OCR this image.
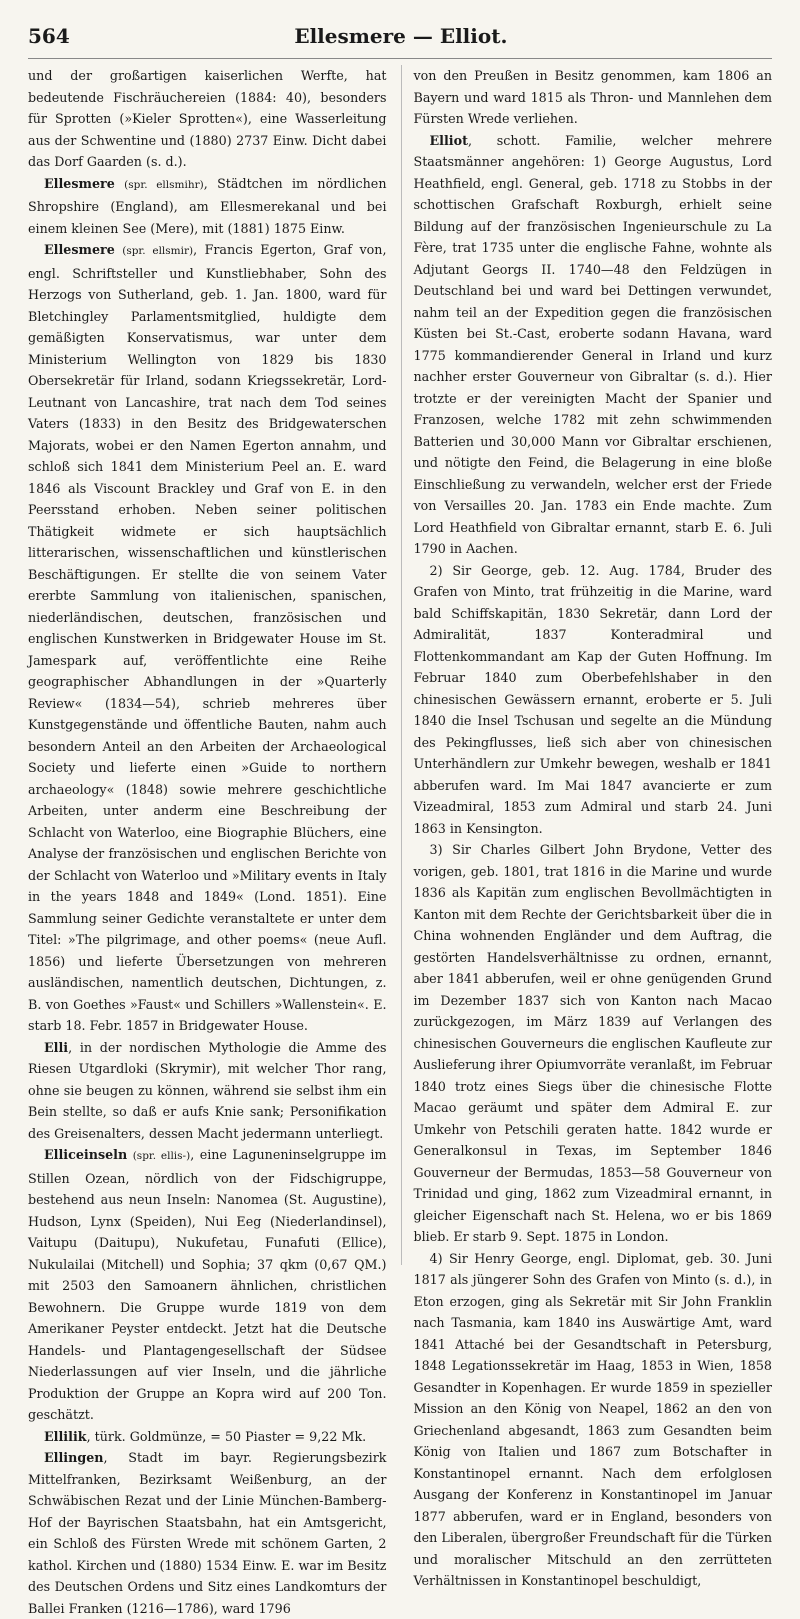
564	Ellesmere — Elliot.

und der großartigen kaiserlichen Werfte, hat bedeutende Fischräuchereien (1884: 40), besonders für Sprotten (»Kieler Sprotten«), eine Wasserleitung aus der Schwentine und (1880) 2737 Einw. Dicht dabei das Dorf Gaarden (s. d.).

Ellesmere (spr. ellsmihr), Städtchen im nördlichen Shropshire (England), am Ellesmerekanal und bei einem kleinen See (Mere), mit (1881) 1875 Einw.

Ellesmere (spr. ellsmir), Francis Egerton, Graf von, engl. Schriftsteller und Kunstliebhaber, Sohn des Herzogs von Sutherland, geb. 1. Jan. 1800, ward für Bletchingley Parlamentsmitglied, huldigte dem gemäßigten Konservatismus, war unter dem Ministerium Wellington von 1829 bis 1830 Obersekretär für Irland, sodann Kriegssekretär, Lord-Leutnant von Lancashire, trat nach dem Tod seines Vaters (1833) in den Besitz des Bridgewaterschen Majorats, wobei er den Namen Egerton annahm, und schloß sich 1841 dem Ministerium Peel an. E. ward 1846 als Viscount Brackley und Graf von E. in den Peersstand erhoben. Neben seiner politischen Thätigkeit widmete er sich hauptsächlich litterarischen, wissenschaftlichen und künstlerischen Beschäftigungen. Er stellte die von seinem Vater ererbte Sammlung von italienischen, spanischen, niederländischen, deutschen, französischen und englischen Kunstwerken in Bridgewater House im St. Jamespark auf, veröffentlichte eine Reihe geographischer Abhandlungen in der »Quarterly Review« (1834—54), schrieb mehreres über Kunstgegenstände und öffentliche Bauten, nahm auch besondern Anteil an den Arbeiten der Archaeological Society und lieferte einen »Guide to northern archaeology« (1848) sowie mehrere geschichtliche Arbeiten, unter anderm eine Beschreibung der Schlacht von Waterloo, eine Biographie Blüchers, eine Analyse der französischen und englischen Berichte von der Schlacht von Waterloo und »Military events in Italy in the years 1848 and 1849« (Lond. 1851). Eine Sammlung seiner Gedichte veranstaltete er unter dem Titel: »The pilgrimage, and other poems« (neue Aufl. 1856) und lieferte Übersetzungen von mehreren ausländischen, namentlich deutschen, Dichtungen, z. B. von Goethes »Faust« und Schillers »Wallenstein«. E. starb 18. Febr. 1857 in Bridgewater House.

Elli, in der nordischen Mythologie die Amme des Riesen Utgardloki (Skrymir), mit welcher Thor rang, ohne sie beugen zu können, während sie selbst ihm ein Bein stellte, so daß er aufs Knie sank; Personifikation des Greisenalters, dessen Macht jedermann unterliegt.

Elliceinseln (spr. ellis-), eine Laguneninselgruppe im Stillen Ozean, nördlich von der Fidschigruppe, bestehend aus neun Inseln: Nanomea (St. Augustine), Hudson, Lynx (Speiden), Nui Eeg (Niederlandinsel), Vaitupu (Daitupu), Nukufetau, Funafuti (Ellice), Nukulailai (Mitchell) und Sophia; 37 qkm (0,67 QM.) mit 2503 den Samoanern ähnlichen, christlichen Bewohnern. Die Gruppe wurde 1819 von dem Amerikaner Peyster entdeckt. Jetzt hat die Deutsche Handels- und Plantagengesellschaft der Südsee Niederlassungen auf vier Inseln, und die jährliche Produktion der Gruppe an Kopra wird auf 200 Ton. geschätzt.

Ellilik, türk. Goldmünze, = 50 Piaster = 9,22 Mk.

Ellingen, Stadt im bayr. Regierungsbezirk Mittelfranken, Bezirksamt Weißenburg, an der Schwäbischen Rezat und der Linie München-Bamberg-Hof der Bayrischen Staatsbahn, hat ein Amtsgericht, ein Schloß des Fürsten Wrede mit schönem Garten, 2 kathol. Kirchen und (1880) 1534 Einw. E. war im Besitz des Deutschen Ordens und Sitz eines Landkomturs der Ballei Franken (1216—1786), ward 1796

von den Preußen in Besitz genommen, kam 1806 an Bayern und ward 1815 als Thron- und Mannlehen dem Fürsten Wrede verliehen.

Elliot, schott. Familie, welcher mehrere Staatsmänner angehören: 1) George Augustus, Lord Heathfield, engl. General, geb. 1718 zu Stobbs in der schottischen Grafschaft Roxburgh, erhielt seine Bildung auf der französischen Ingenieurschule zu La Fère, trat 1735 unter die englische Fahne, wohnte als Adjutant Georgs II. 1740—48 den Feldzügen in Deutschland bei und ward bei Dettingen verwundet, nahm teil an der Expedition gegen die französischen Küsten bei St.-Cast, eroberte sodann Havana, ward 1775 kommandierender General in Irland und kurz nachher erster Gouverneur von Gibraltar (s. d.). Hier trotzte er der vereinigten Macht der Spanier und Franzosen, welche 1782 mit zehn schwimmenden Batterien und 30,000 Mann vor Gibraltar erschienen, und nötigte den Feind, die Belagerung in eine bloße Einschließung zu verwandeln, welcher erst der Friede von Versailles 20. Jan. 1783 ein Ende machte. Zum Lord Heathfield von Gibraltar ernannt, starb E. 6. Juli 1790 in Aachen.

2) Sir George, geb. 12. Aug. 1784, Bruder des Grafen von Minto, trat frühzeitig in die Marine, ward bald Schiffskapitän, 1830 Sekretär, dann Lord der Admiralität, 1837 Konteradmiral und Flottenkommandant am Kap der Guten Hoffnung. Im Februar 1840 zum Oberbefehlshaber in den chinesischen Gewässern ernannt, eroberte er 5. Juli 1840 die Insel Tschusan und segelte an die Mündung des Pekingflusses, ließ sich aber von chinesischen Unterhändlern zur Umkehr bewegen, weshalb er 1841 abberufen ward. Im Mai 1847 avancierte er zum Vizeadmiral, 1853 zum Admiral und starb 24. Juni 1863 in Kensington.

3) Sir Charles Gilbert John Brydone, Vetter des vorigen, geb. 1801, trat 1816 in die Marine und wurde 1836 als Kapitän zum englischen Bevollmächtigten in Kanton mit dem Rechte der Gerichtsbarkeit über die in China wohnenden Engländer und dem Auftrag, die gestörten Handelsverhältnisse zu ordnen, ernannt, aber 1841 abberufen, weil er ohne genügenden Grund im Dezember 1837 sich von Kanton nach Macao zurückgezogen, im März 1839 auf Verlangen des chinesischen Gouverneurs die englischen Kaufleute zur Auslieferung ihrer Opiumvorräte veranlaßt, im Februar 1840 trotz eines Siegs über die chinesische Flotte Macao geräumt und später dem Admiral E. zur Umkehr von Petschili geraten hatte. 1842 wurde er Generalkonsul in Texas, im September 1846 Gouverneur der Bermudas, 1853—58 Gouverneur von Trinidad und ging, 1862 zum Vizeadmiral ernannt, in gleicher Eigenschaft nach St. Helena, wo er bis 1869 blieb. Er starb 9. Sept. 1875 in London.

4) Sir Henry George, engl. Diplomat, geb. 30. Juni 1817 als jüngerer Sohn des Grafen von Minto (s. d.), in Eton erzogen, ging als Sekretär mit Sir John Franklin nach Tasmania, kam 1840 ins Auswärtige Amt, ward 1841 Attaché bei der Gesandtschaft in Petersburg, 1848 Legationssekretär im Haag, 1853 in Wien, 1858 Gesandter in Kopenhagen. Er wurde 1859 in spezieller Mission an den König von Neapel, 1862 an den von Griechenland abgesandt, 1863 zum Gesandten beim König von Italien und 1867 zum Botschafter in Konstantinopel ernannt. Nach dem erfolglosen Ausgang der Konferenz in Konstantinopel im Januar 1877 abberufen, ward er in England, besonders von den Liberalen, übergroßer Freundschaft für die Türken und moralischer Mitschuld an den zerrütteten Verhältnissen in Konstantinopel beschuldigt,
